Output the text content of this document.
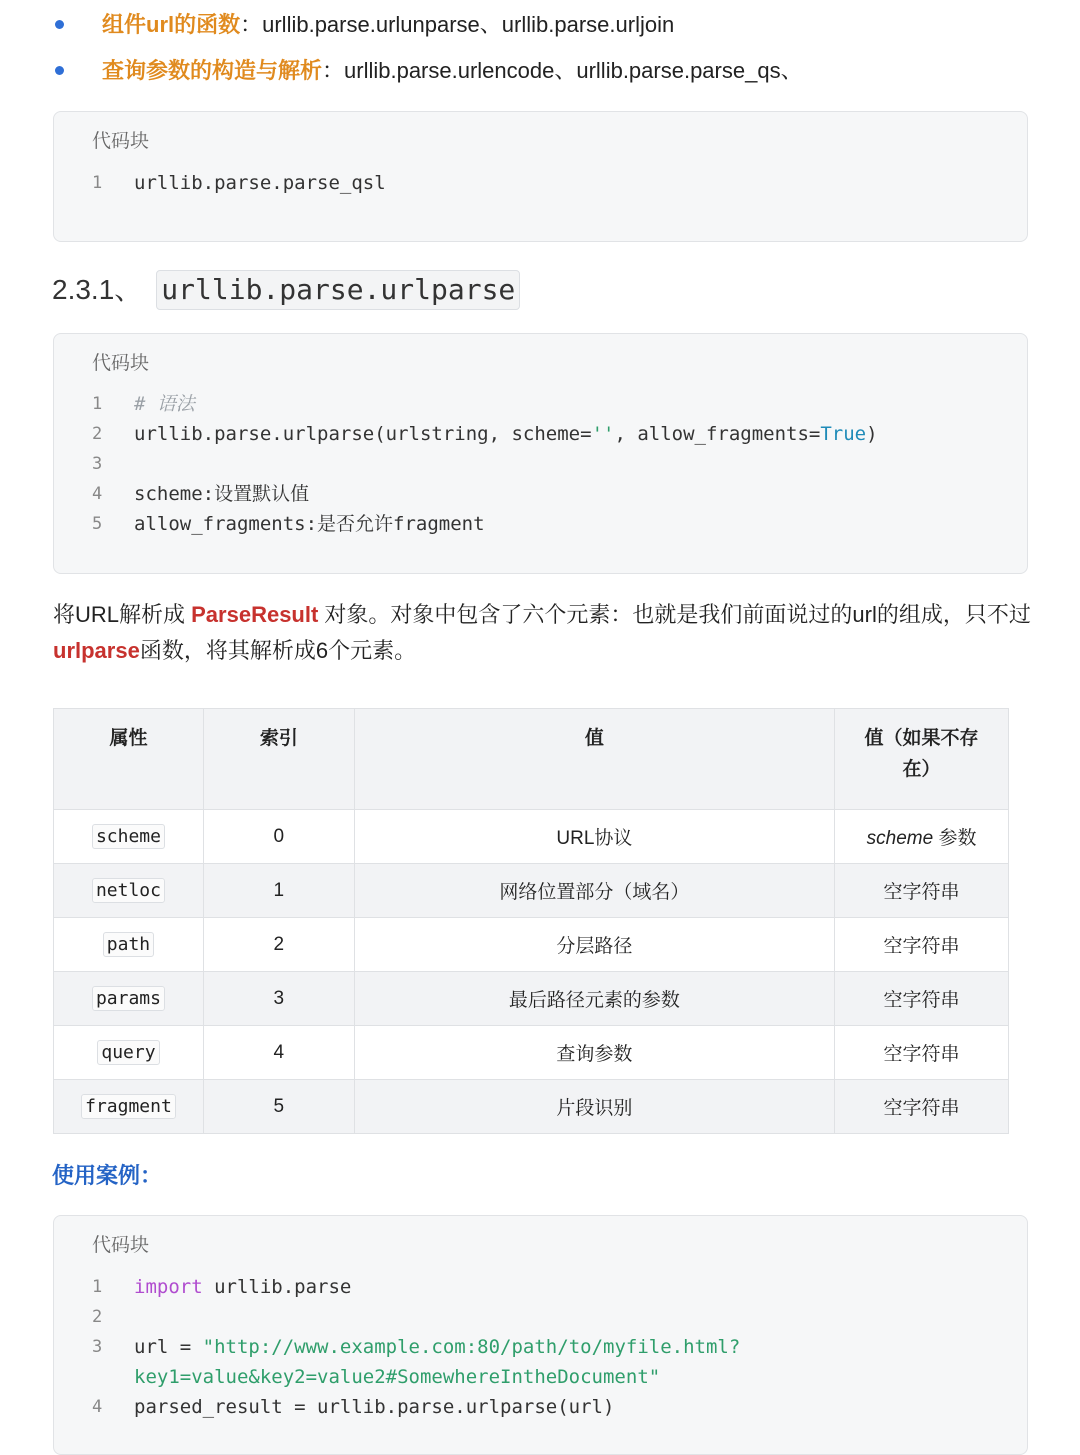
组件url的函数：urllib.parse.urlunparse、urllib.parse.urljoin
查询参数的构造与解析：urllib.parse.urlencode、urllib.parse.parse_qs、
代码块
1	urllib.parse.parse_qsl
2.3.1、 urllib.parse.urlparse
代码块
1	# 语法
2	urllib.parse.urlparse(urlstring, scheme='', allow_fragments=True)
3
4	scheme:设置默认值
5	allow_fragments:是否允许fragment
将URL解析成 ParseResult 对象。对象中包含了六个元素：也就是我们前面说过的url的组成，只不过urlparse函数，将其解析成6个元素。
属性	索引	值	值（如果不存在）
scheme	0	URL协议	scheme 参数
netloc	1	网络位置部分（域名）	空字符串
path	2	分层路径	空字符串
params	3	最后路径元素的参数	空字符串
query	4	查询参数	空字符串
fragment	5	片段识别	空字符串
使用案例：
代码块
1	import urllib.parse
2
3	url = "http://www.example.com:80/path/to/myfile.html?
key1=value&key2=value2#SomewhereIntheDocument"
4	parsed_result = urllib.parse.urlparse(url)
